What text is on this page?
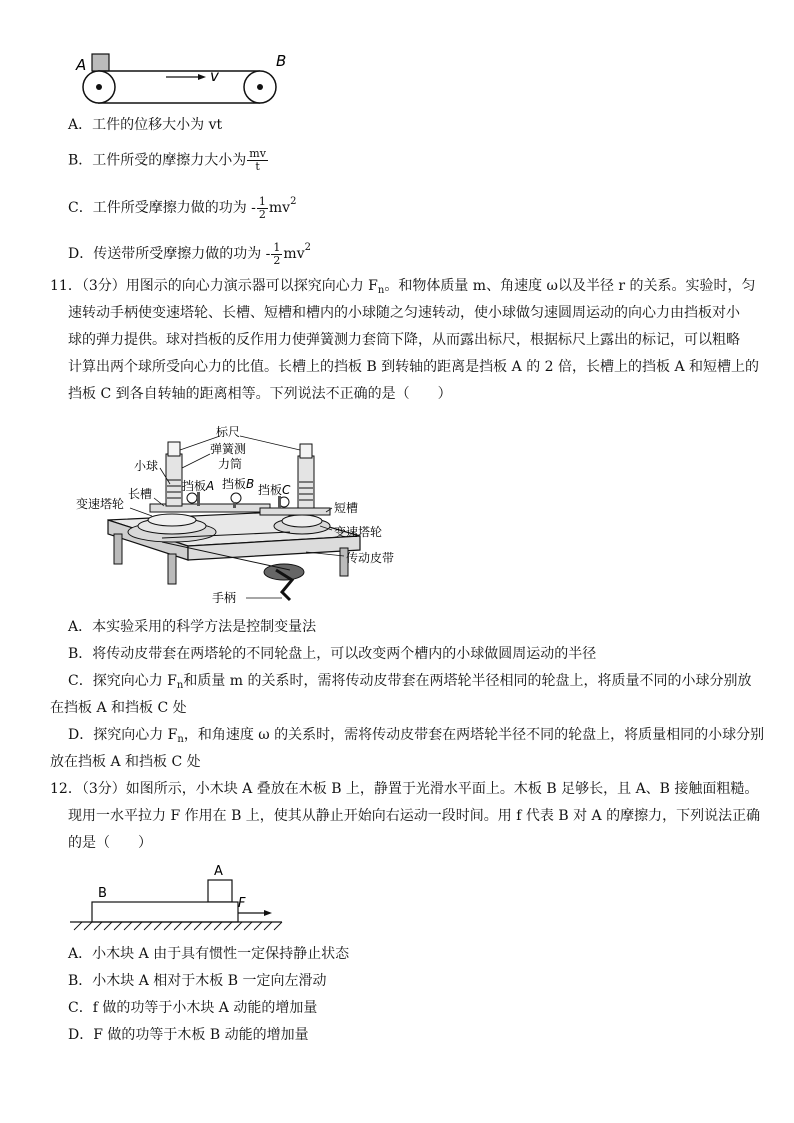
A	B
v
A．工件的位移大小为 vt
B．工件所受的摩擦力大小为 $\frac{mv}{t}$
C．工件所受摩擦力做的功为 - $\frac{1}{2} mv^2$
D．传送带所受摩擦力做的功为 - $\frac{1}{2} mv^2$
11．（3分）用图示的向心力演示器可以探究向心力 $F_n$。和物体质量 m、角速度 ω以及半径 r 的关系。实验时，匀
速转动手柄使变速塔轮、长槽、短槽和槽内的小球随之匀速转动，使小球做匀速圆周运动的向心力由挡板对小
球的弹力提供。球对挡板的反作用力使弹簧测力套筒下降，从而露出标尺，根据标尺上露出的标记，可以粗略
计算出两个球所受向心力的比值。长槽上的挡板 B 到转轴的距离是挡板 A 的 2 倍，长槽上的挡板 A 和短槽上的
挡板 C 到各自转轴的距离相等。下列说法不正确的是（　　）
标尺
弹簧测
力筒
小球
挡板A 挡板B 挡板C
长槽
变速塔轮	短槽
变速塔轮
传动皮带
手柄
A．本实验采用的科学方法是控制变量法
B．将传动皮带套在两塔轮的不同轮盘上，可以改变两个槽内的小球做圆周运动的半径
C．探究向心力 $F_n$和质量 m 的关系时，需将传动皮带套在两塔轮半径相同的轮盘上，将质量不同的小球分别放
在挡板 A 和挡板 C 处
D．探究向心力 $F_n$，和角速度 ω 的关系时，需将传动皮带套在两塔轮半径不同的轮盘上，将质量相同的小球分别
放在挡板 A 和挡板 C 处
12．（3分）如图所示，小木块 A 叠放在木板 B 上，静置于光滑水平面上。木板 B 足够长，且 A、B 接触面粗糙。
现用一水平拉力 F 作用在 B 上，使其从静止开始向右运动一段时间。用 f 代表 B 对 A 的摩擦力，下列说法正确
的是（　　）
A
B
F
A．小木块 A 由于具有惯性一定保持静止状态
B．小木块 A 相对于木板 B 一定向左滑动
C．f 做的功等于小木块 A 动能的增加量
D．F 做的功等于木板 B 动能的增加量
